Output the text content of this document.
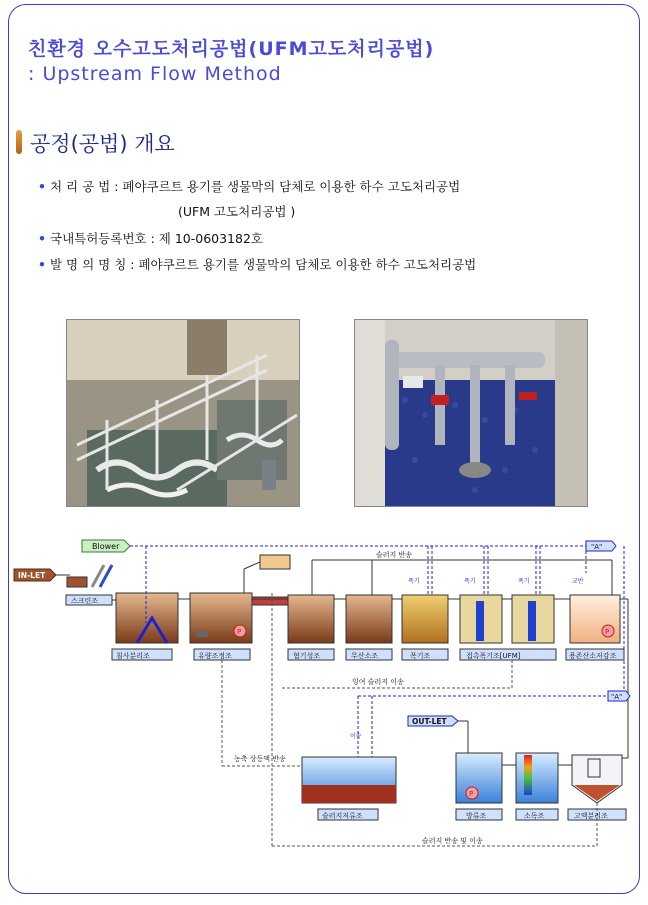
친환경 오수고도처리공법(UFM고도처리공법)
: Upstream Flow Method
공정(공법) 개요
• 처 리 공 법 : 폐야쿠르트 용기를 생물막의 담체로 이용한 하수 고도처리공법
(UFM 고도처리공법 )
• 국내특허등록번호 : 제 10-0603182호
• 발 명 의 명 칭 : 폐야쿠르트 용기를 생물막의 담체로 이용한 하수 고도처리공법
Blower	"A"
IN-LET
스크린조
침사분리조
P
유량조정조	혐기성조	무산소조	폭기조	접촉폭기조[UFM]
P
용존산소저감조
슬러지 반송
폭기	폭기	폭기	교반
잉여 슬러지 이송
"A"
이송
OUT-LET
슬러지저류조
농축 상등액 반송
P
방류조	소독조	고액분리조
슬러지 반송 및 이송
